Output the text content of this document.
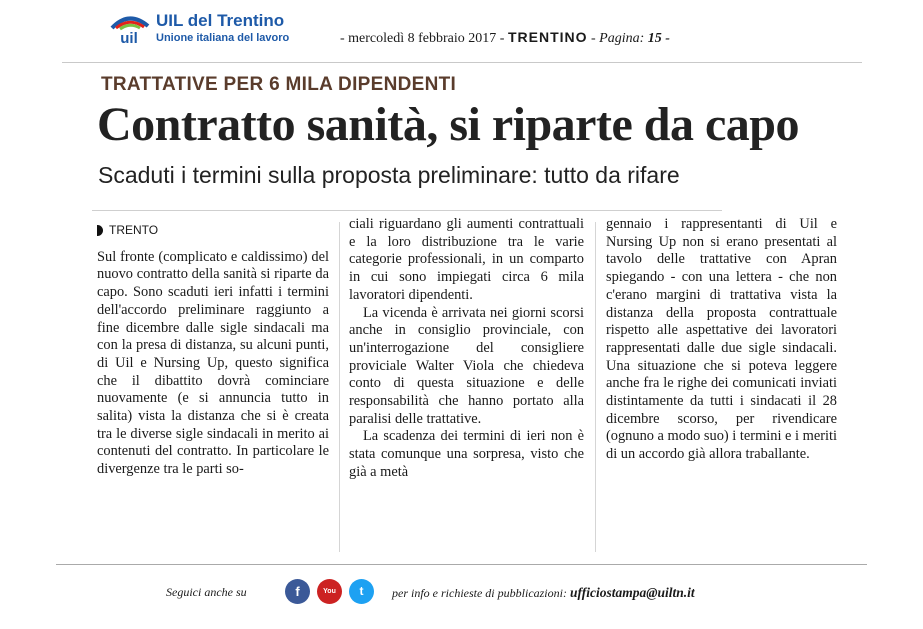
uil
UIL del Trentino
Unione italiana del lavoro	- mercoledì 8 febbraio 2017 - TRENTINO - Pagina: 15 -
TRATTATIVE PER 6 MILA DIPENDENTI
Contratto sanità, si riparte da capo
Scaduti i termini sulla proposta preliminare: tutto da rifare
TRENTO

Sul fronte (complicato e caldissimo) del nuovo contratto della sanità si riparte da capo. Sono scaduti ieri infatti i termini dell'accordo preliminare raggiunto a fine dicembre dalle sigle sindacali ma con la presa di distanza, su alcuni punti, di Uil e Nursing Up, questo significa che il dibattito dovrà cominciare nuovamente (e si annuncia tutto in salita) vista la distanza che si è creata tra le diverse sigle sindacali in merito ai contenuti del contratto. In particolare le divergenze tra le parti so-

ciali riguardano gli aumenti contrattuali e la loro distribuzione tra le varie categorie professionali, in un comparto in cui sono impiegati circa 6 mila lavoratori dipendenti.

La vicenda è arrivata nei giorni scorsi anche in consiglio provinciale, con un'interrogazione del consigliere proviciale Walter Viola che chiedeva conto di questa situazione e delle responsabilità che hanno portato alla paralisi delle trattative.

La scadenza dei termini di ieri non è stata comunque una sorpresa, visto che già a metà

gennaio i rappresentanti di Uil e Nursing Up non si erano presentati al tavolo delle trattative con Apran spiegando - con una lettera - che non c'erano margini di trattativa vista la distanza della proposta contrattuale rispetto alle aspettative dei lavoratori rappresentati dalle due sigle sindacali. Una situazione che si poteva leggere anche fra le righe dei comunicati inviati distintamente da tutti i sindacati il 28 dicembre scorso, per rivendicare (ognuno a modo suo) i termini e i meriti di un accordo già allora traballante.

Seguici anche su	f	You Tube
t	per info e richieste di pubblicazioni: ufficiostampa@uiltn.it
